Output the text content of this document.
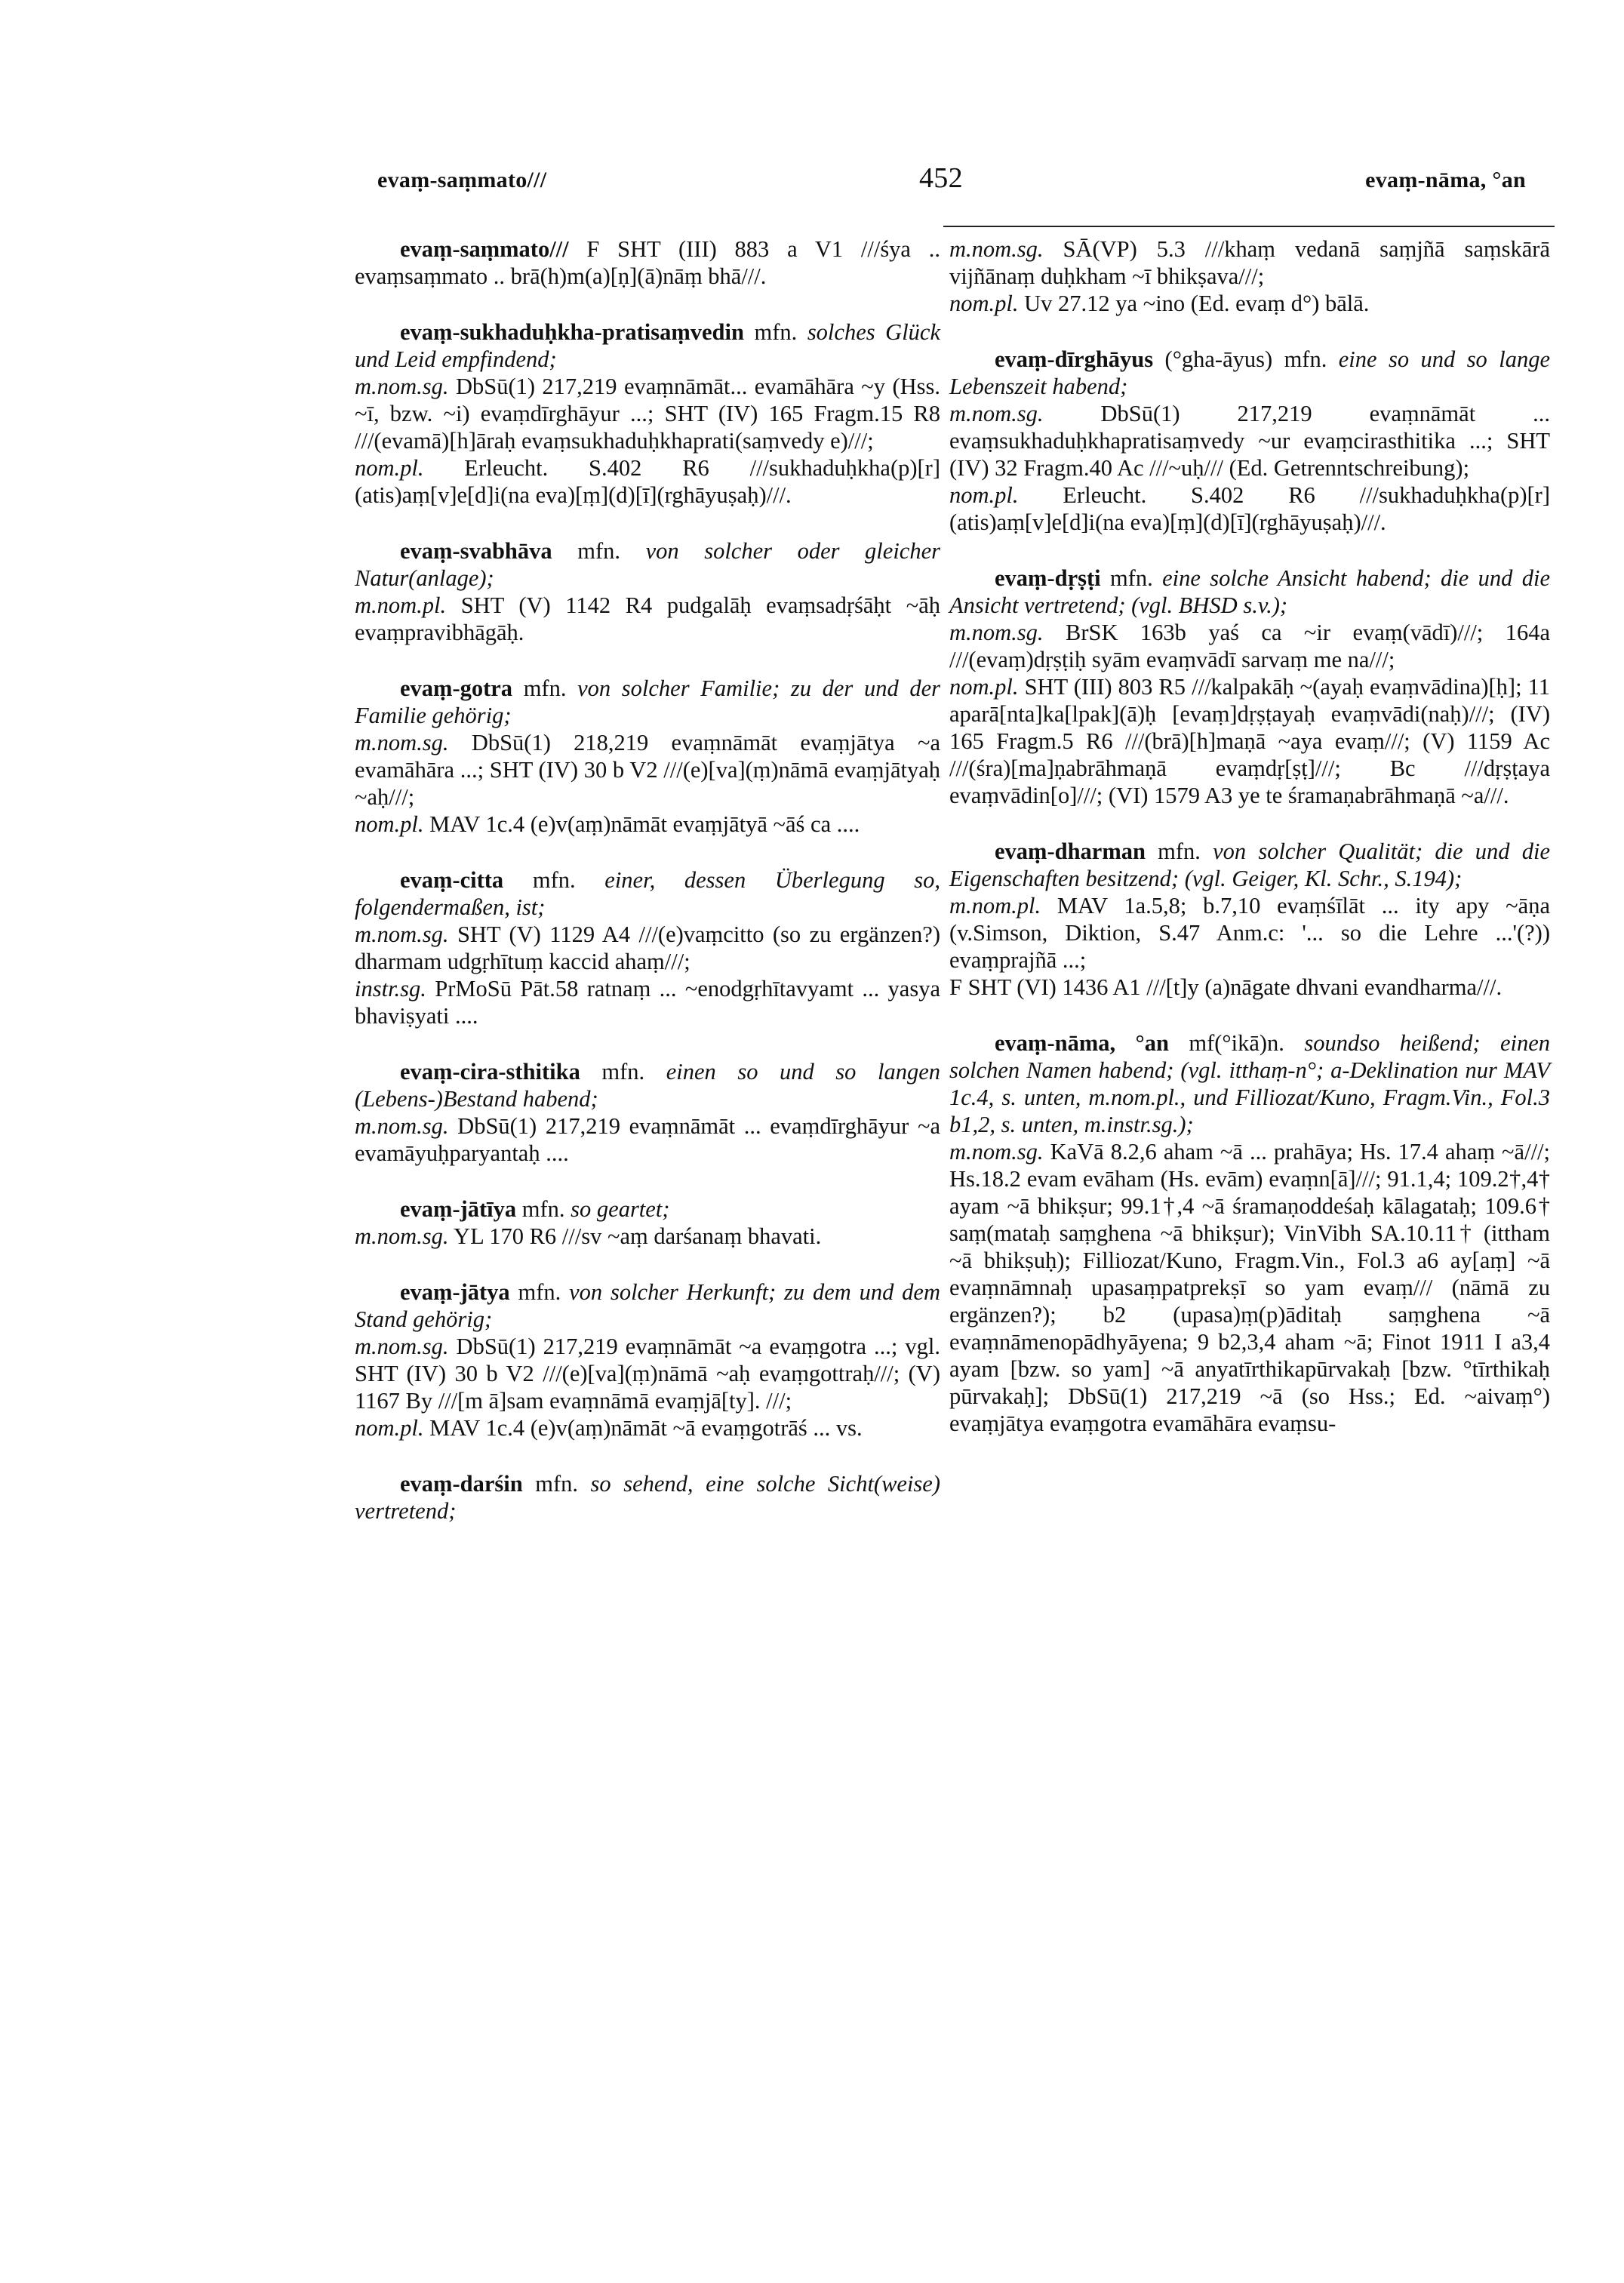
evaṃ-saṃmato///	452	evaṃ-nāma, °an
evaṃ-saṃmato/// F SHT (III) 883 a V1 ///śya .. evaṃsaṃmato .. brā(h)m(a)[ṇ](ā)nāṃ bhā///.
evaṃ-sukhaduḥkha-pratisaṃvedin mfn. solches Glück und Leid empfindend;
m.nom.sg. DbSū(1) 217,219 evaṃnāmāt... evamāhāra ~y (Hss. ~ī, bzw. ~i) evaṃdīrghāyur ...; SHT (IV) 165 Fragm.15 R8 ///(evamā)[h]āraḥ evaṃsukhaduḥkhaprati(saṃvedy e)///;
nom.pl. Erleucht. S.402 R6 ///sukhaduḥkha(p)[r](atis)aṃ[v]e[d]i(na eva)[ṃ](d)[ī](rghāyuṣaḥ)///.
evaṃ-svabhāva mfn. von solcher oder gleicher Natur(anlage);
m.nom.pl. SHT (V) 1142 R4 pudgalāḥ evaṃsadṛśāḥt ~āḥ evaṃpravibhāgāḥ.
evaṃ-gotra mfn. von solcher Familie; zu der und der Familie gehörig;
m.nom.sg. DbSū(1) 218,219 evaṃnāmāt evaṃjātya ~a evamāhāra ...; SHT (IV) 30 b V2 ///(e)[va](ṃ)nāmā evaṃjātyaḥ ~aḥ///;
nom.pl. MAV 1c.4 (e)v(aṃ)nāmāt evaṃjātyā ~āś ca ....
evaṃ-citta mfn. einer, dessen Überlegung so, folgendermaßen, ist;
m.nom.sg. SHT (V) 1129 A4 ///(e)vaṃcitto (so zu ergänzen?) dharmam udgṛhītuṃ kaccid ahaṃ///;
instr.sg. PrMoSū Pāt.58 ratnaṃ ... ~enodgṛhītavyamt ... yasya bhaviṣyati ....
evaṃ-cira-sthitika mfn. einen so und so langen (Lebens-)Bestand habend;
m.nom.sg. DbSū(1) 217,219 evaṃnāmāt ... evaṃdīrghāyur ~a evamāyuḥparyantaḥ ....
evaṃ-jātīya mfn. so geartet;
m.nom.sg. YL 170 R6 ///sv ~aṃ darśanaṃ bhavati.
evaṃ-jātya mfn. von solcher Herkunft; zu dem und dem Stand gehörig;
m.nom.sg. DbSū(1) 217,219 evaṃnāmāt ~a evaṃgotra ...; vgl. SHT (IV) 30 b V2 ///(e)[va](ṃ)nāmā ~aḥ evaṃgottraḥ///; (V) 1167 By ///[m ā]sam evaṃnāmā evaṃjā[ty]. ///;
nom.pl. MAV 1c.4 (e)v(aṃ)nāmāt ~ā evaṃgotrāś ... vs.
evaṃ-darśin mfn. so sehend, eine solche Sicht(weise) vertretend;
m.nom.sg. SĀ(VP) 5.3 ///khaṃ vedanā saṃjñā saṃskārā vijñānaṃ duḥkham ~ī bhikṣava///;
nom.pl. Uv 27.12 ya ~ino (Ed. evaṃ d°) bālā.
evaṃ-dīrghāyus (°gha-āyus) mfn. eine so und so lange Lebenszeit habend;
m.nom.sg. DbSū(1) 217,219 evaṃnāmāt ... evaṃsukhaduḥkhapratisaṃvedy ~ur evaṃcirasthitika ...; SHT (IV) 32 Fragm.40 Ac ///~uḥ/// (Ed. Getrenntschreibung);
nom.pl. Erleucht. S.402 R6 ///sukhaduḥkha(p)[r](atis)aṃ[v]e[d]i(na eva)[ṃ](d)[ī](rghāyuṣaḥ)///.
evaṃ-dṛṣṭi mfn. eine solche Ansicht habend; die und die Ansicht vertretend; (vgl. BHSD s.v.);
m.nom.sg. BrSK 163b yaś ca ~ir evaṃ(vādī)///; 164a ///(evaṃ)dṛṣṭiḥ syām evaṃvādī sarvaṃ me na///;
nom.pl. SHT (III) 803 R5 ///kalpakāḥ ~(ayaḥ evaṃvādina)[ḥ]; 11 aparā[nta]ka[lpak](ā)ḥ [evaṃ]dṛṣṭayaḥ evaṃvādi(naḥ)///; (IV) 165 Fragm.5 R6 ///(brā)[h]maṇā ~aya evaṃ///; (V) 1159 Ac ///(śra)[ma]ṇabrāhmaṇā evaṃdṛ[ṣṭ]///; Bc ///dṛṣṭaya evaṃvādin[o]///; (VI) 1579 A3 ye te śramaṇabrāhmaṇā ~a///.
evaṃ-dharman mfn. von solcher Qualität; die und die Eigenschaften besitzend; (vgl. Geiger, Kl. Schr., S.194);
m.nom.pl. MAV 1a.5,8; b.7,10 evaṃśīlāt ... ity apy ~āṇa (v.Simson, Diktion, S.47 Anm.c: '... so die Lehre ...'(?)) evaṃprajñā ...;
F SHT (VI) 1436 A1 ///[t]y (a)nāgate dhvani evandharma///.
evaṃ-nāma, °an mf(°ikā)n. soundso heißend; einen solchen Namen habend; (vgl. itthaṃ-n°; a-Deklination nur MAV 1c.4, s. unten, m.nom.pl., und Filliozat/Kuno, Fragm.Vin., Fol.3 b1,2, s. unten, m.instr.sg.);
m.nom.sg. KaVā 8.2,6 aham ~ā ... prahāya; Hs. 17.4 ahaṃ ~ā///; Hs.18.2 evam evāham (Hs. evām) evaṃn[ā]///; 91.1,4; 109.2†,4† ayam ~ā bhikṣur; 99.1†,4 ~ā śramaṇoddeśaḥ kālagataḥ; 109.6† saṃ(mataḥ saṃghena ~ā bhikṣur); VinVibh SA.10.11† (ittham ~ā bhikṣuḥ); Filliozat/Kuno, Fragm.Vin., Fol.3 a6 ay[aṃ] ~ā evaṃnāmnaḥ upasaṃpatprekṣī so yam evaṃ/// (nāmā zu ergänzen?); b2 (upasa)ṃ(p)āditaḥ saṃghena ~ā evaṃnāmenopādhyāyena; 9 b2,3,4 aham ~ā; Finot 1911 I a3,4 ayam [bzw. so yam] ~ā anyatīrthikapūrvakaḥ [bzw. °tīrthikaḥ pūrvakaḥ]; DbSū(1) 217,219 ~ā (so Hss.; Ed. ~aivaṃ°) evaṃjātya evaṃgotra evamāhāra evaṃsu-
